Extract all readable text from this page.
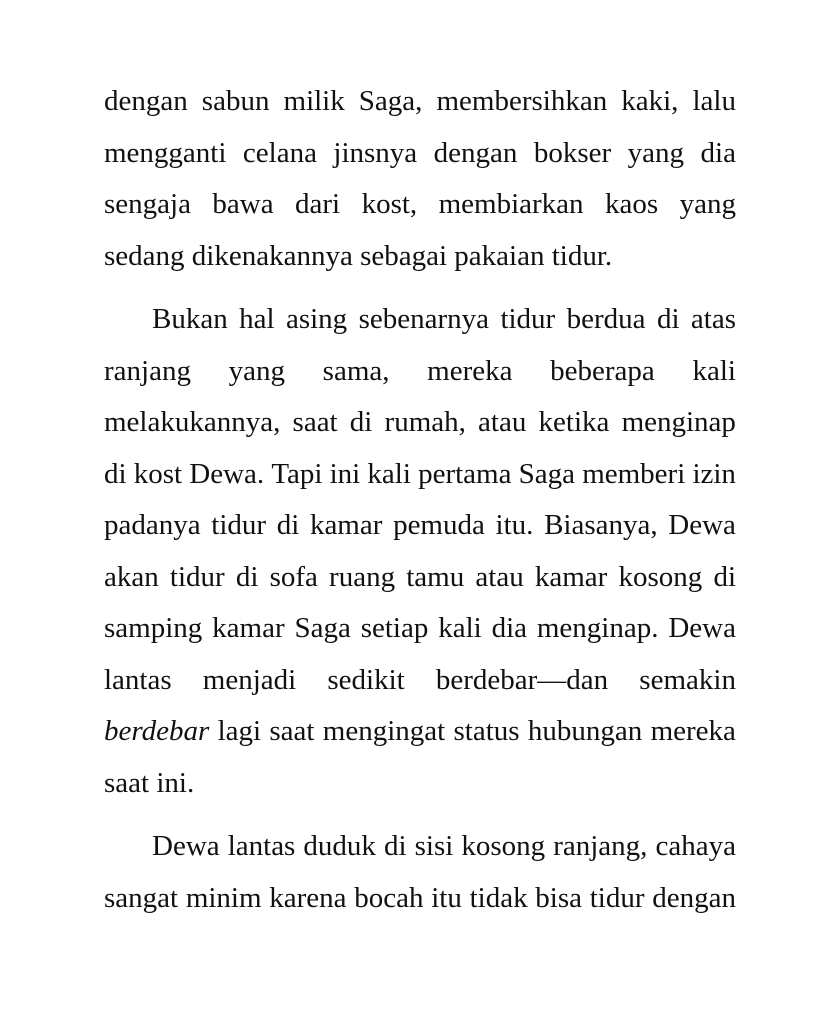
dengan sabun milik Saga, membersihkan kaki, lalu
mengganti celana jinsnya dengan bokser yang dia
sengaja bawa dari kost, membiarkan kaos yang
sedang dikenakannya sebagai pakaian tidur.
Bukan hal asing sebenarnya tidur berdua di atas
ranjang yang sama, mereka beberapa kali
melakukannya, saat di rumah, atau ketika menginap
di kost Dewa. Tapi ini kali pertama Saga memberi izin
padanya tidur di kamar pemuda itu. Biasanya, Dewa
akan tidur di sofa ruang tamu atau kamar kosong di
samping kamar Saga setiap kali dia menginap. Dewa
lantas menjadi sedikit berdebar—dan semakin
berdebar lagi saat mengingat status hubungan mereka
saat ini.
Dewa lantas duduk di sisi kosong ranjang, cahaya
sangat minim karena bocah itu tidak bisa tidur dengan
